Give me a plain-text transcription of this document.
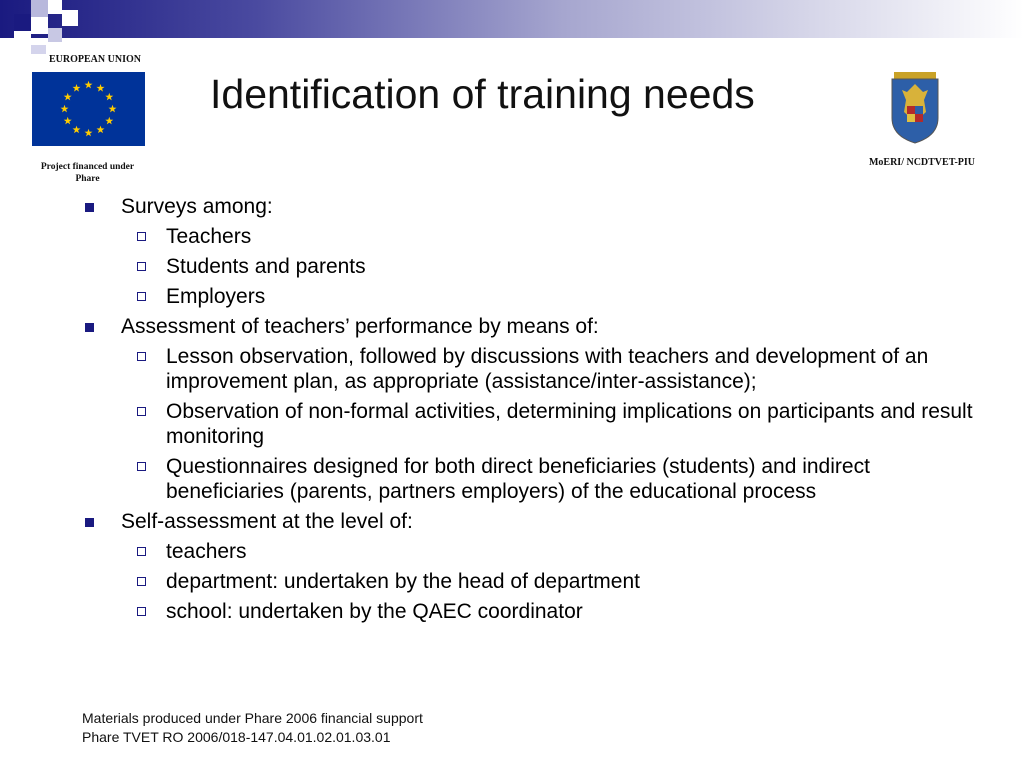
EUROPEAN UNION
Project financed under
Phare
Identification of training needs
MoERI/ NCDTVET-PIU
Surveys among:
Teachers
Students and parents
Employers
Assessment of teachers’ performance by means of:
Lesson observation, followed by discussions with teachers and development of an improvement plan, as appropriate (assistance/inter-assistance);
Observation of non-formal activities, determining implications on participants and result monitoring
Questionnaires designed for both direct beneficiaries (students) and indirect beneficiaries (parents, partners employers) of the educational process
Self-assessment at the level of:
teachers
department: undertaken by the head of department
school: undertaken by the QAEC coordinator
Materials produced under Phare 2006 financial support
Phare TVET RO 2006/018-147.04.01.02.01.03.01
